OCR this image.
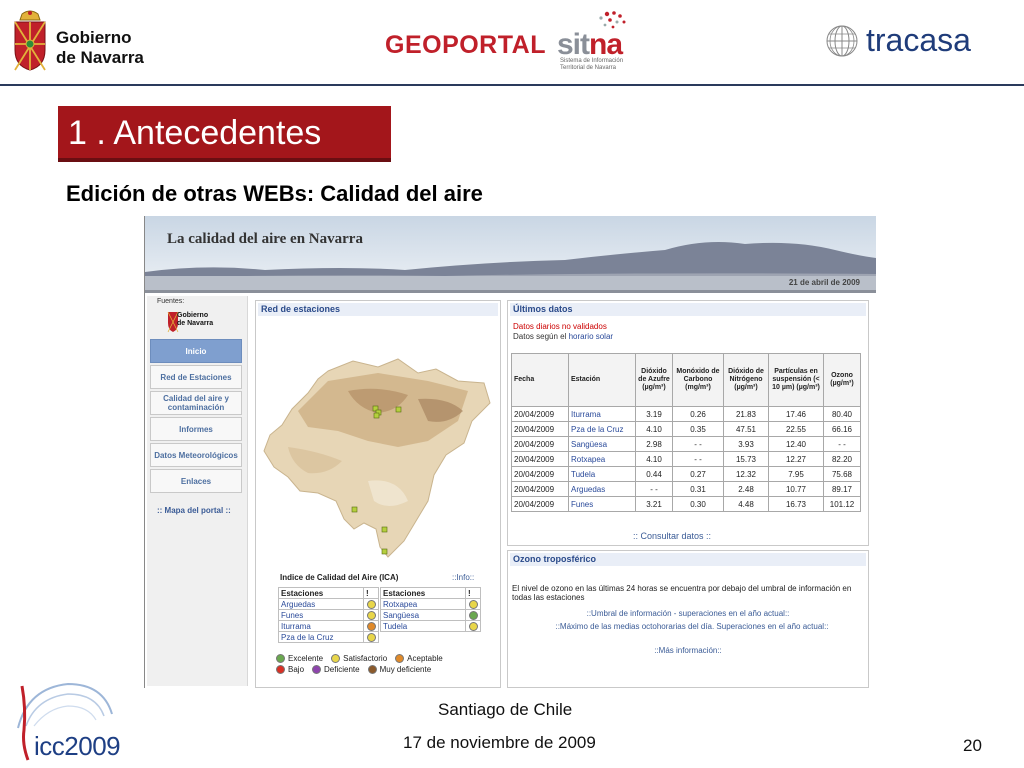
Gobierno
de Navarra	GEOPORTAL sitna
Sistema de Información
Territorial de Navarra
tracasa
1 . Antecedentes
Edición de otras WEBs: Calidad del aire
La calidad del aire en Navarra
21 de abril de 2009
Fuentes:
Gobierno
de Navarra
Inicio
Red de Estaciones
Calidad del aire y contaminación
Informes
Datos Meteorológicos
Enlaces
:: Mapa del portal ::
Red de estaciones
Indice de Calidad del Aire (ICA)	::Info::
Estaciones	!
Arguedas	
Funes	
Iturrama	
Pza de la Cruz	
Estaciones	!
Rotxapea	
Sangüesa	
Tudela	
Excelente	Satisfactorio	Aceptable
Bajo	Deficiente	Muy deficiente
Últimos datos
Datos diarios no validados
Datos según el horario solar
Fecha	Estación	Dióxido de Azufre (µg/m³)	Monóxido de Carbono (mg/m³)	Dióxido de Nitrógeno (µg/m³)	Partículas en suspensión (< 10 µm) (µg/m³)	Ozono (µg/m³)
20/04/2009	Iturrama	3.19	0.26	21.83	17.46	80.40
20/04/2009	Pza de la Cruz	4.10	0.35	47.51	22.55	66.16
20/04/2009	Sangüesa	2.98	- -	3.93	12.40	- -
20/04/2009	Rotxapea	4.10	- -	15.73	12.27	82.20
20/04/2009	Tudela	0.44	0.27	12.32	7.95	75.68
20/04/2009	Arguedas	- -	0.31	2.48	10.77	89.17
20/04/2009	Funes	3.21	0.30	4.48	16.73	101.12
:: Consultar datos ::
Ozono troposférico
El nivel de ozono en las últimas 24 horas se encuentra por debajo del umbral de información en todas las estaciones
::Umbral de información - superaciones en el año actual::
::Máximo de las medias octohorarias del día. Superaciones en el año actual::
::Más información::
icc2009
Santiago de Chile
17 de noviembre de 2009	20
